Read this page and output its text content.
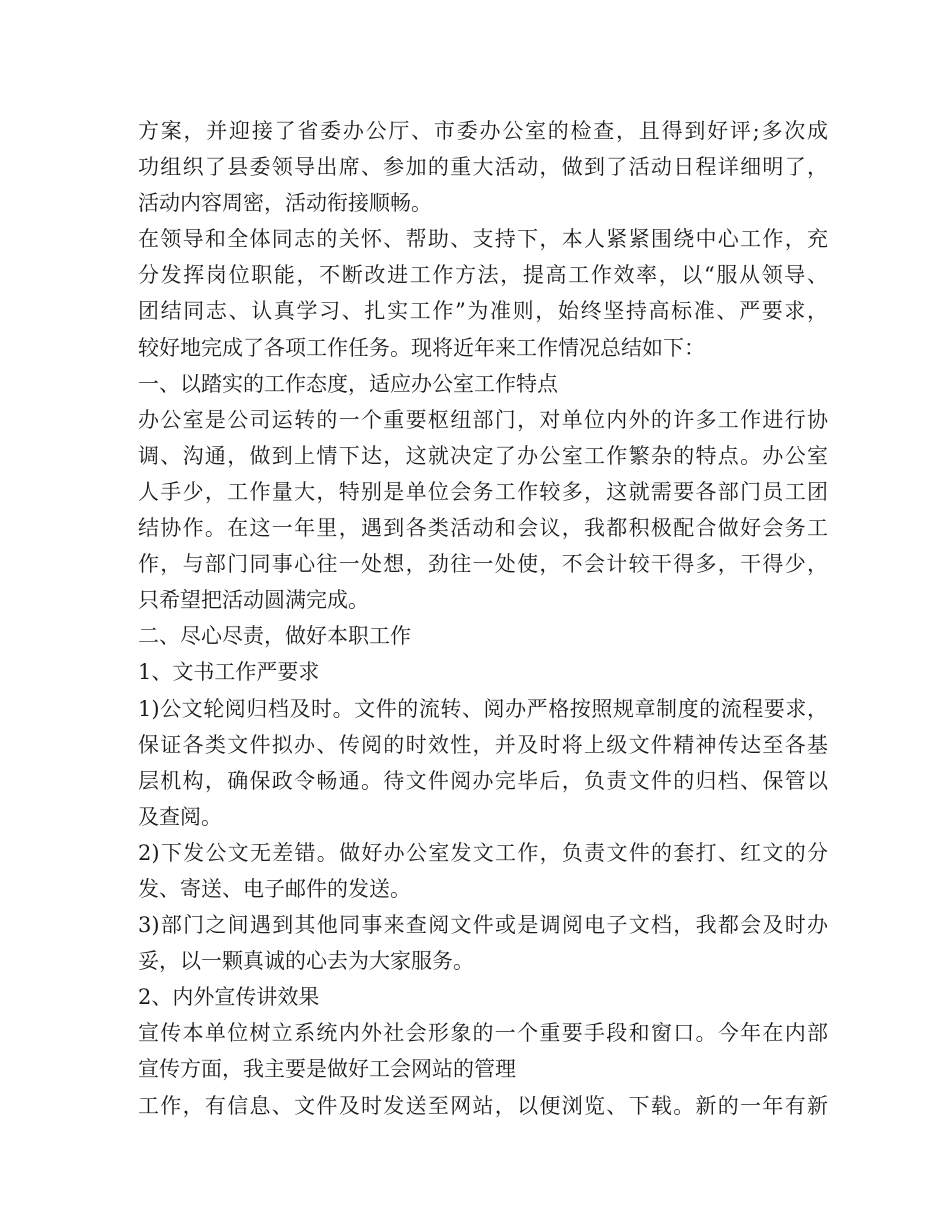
方案，并迎接了省委办公厅、市委办公室的检查，且得到好评;多次成
功组织了县委领导出席、参加的重大活动，做到了活动日程详细明了，
活动内容周密，活动衔接顺畅。
在领导和全体同志的关怀、帮助、支持下，本人紧紧围绕中心工作，充
分发挥岗位职能，不断改进工作方法，提高工作效率，以“服从领导、
团结同志、认真学习、扎实工作”为准则，始终坚持高标准、严要求，
较好地完成了各项工作任务。现将近年来工作情况总结如下：
一、以踏实的工作态度，适应办公室工作特点
办公室是公司运转的一个重要枢纽部门，对单位内外的许多工作进行协
调、沟通，做到上情下达，这就决定了办公室工作繁杂的特点。办公室
人手少，工作量大，特别是单位会务工作较多，这就需要各部门员工团
结协作。在这一年里，遇到各类活动和会议，我都积极配合做好会务工
作，与部门同事心往一处想，劲往一处使，不会计较干得多，干得少，
只希望把活动圆满完成。
二、尽心尽责，做好本职工作
1、文书工作严要求
1)公文轮阅归档及时。文件的流转、阅办严格按照规章制度的流程要求，
保证各类文件拟办、传阅的时效性，并及时将上级文件精神传达至各基
层机构，确保政令畅通。待文件阅办完毕后，负责文件的归档、保管以
及查阅。
2)下发公文无差错。做好办公室发文工作，负责文件的套打、红文的分
发、寄送、电子邮件的发送。
3)部门之间遇到其他同事来查阅文件或是调阅电子文档，我都会及时办
妥，以一颗真诚的心去为大家服务。
2、内外宣传讲效果
宣传本单位树立系统内外社会形象的一个重要手段和窗口。今年在内部
宣传方面，我主要是做好工会网站的管理
工作，有信息、文件及时发送至网站，以便浏览、下载。新的一年有新
